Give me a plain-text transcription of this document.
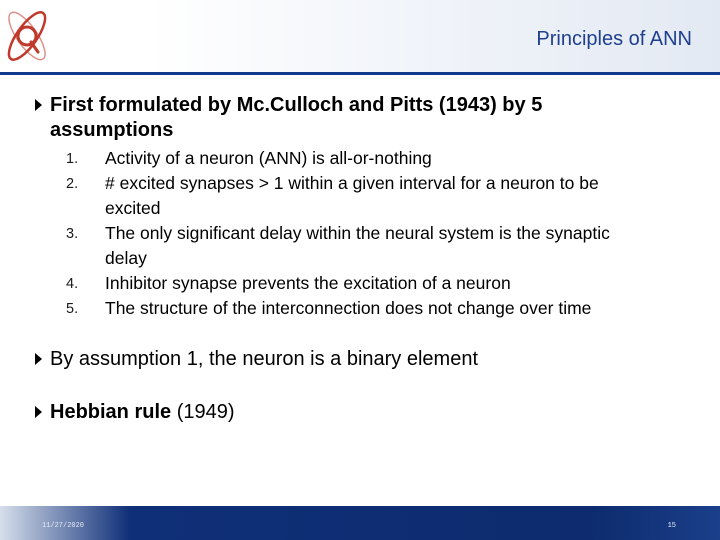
Principles of ANN
First formulated by Mc.Culloch and Pitts (1943) by 5
assumptions
1. Activity of a neuron (ANN) is all-or-nothing
2. # excited synapses > 1 within a given interval for a neuron to be
excited
3. The only significant delay within the neural system is the synaptic
delay
4. Inhibitor synapse prevents the excitation of a neuron
5. The structure of the interconnection does not change over time
By assumption 1, the neuron is a binary element
Hebbian rule (1949)
11/27/2020	15
